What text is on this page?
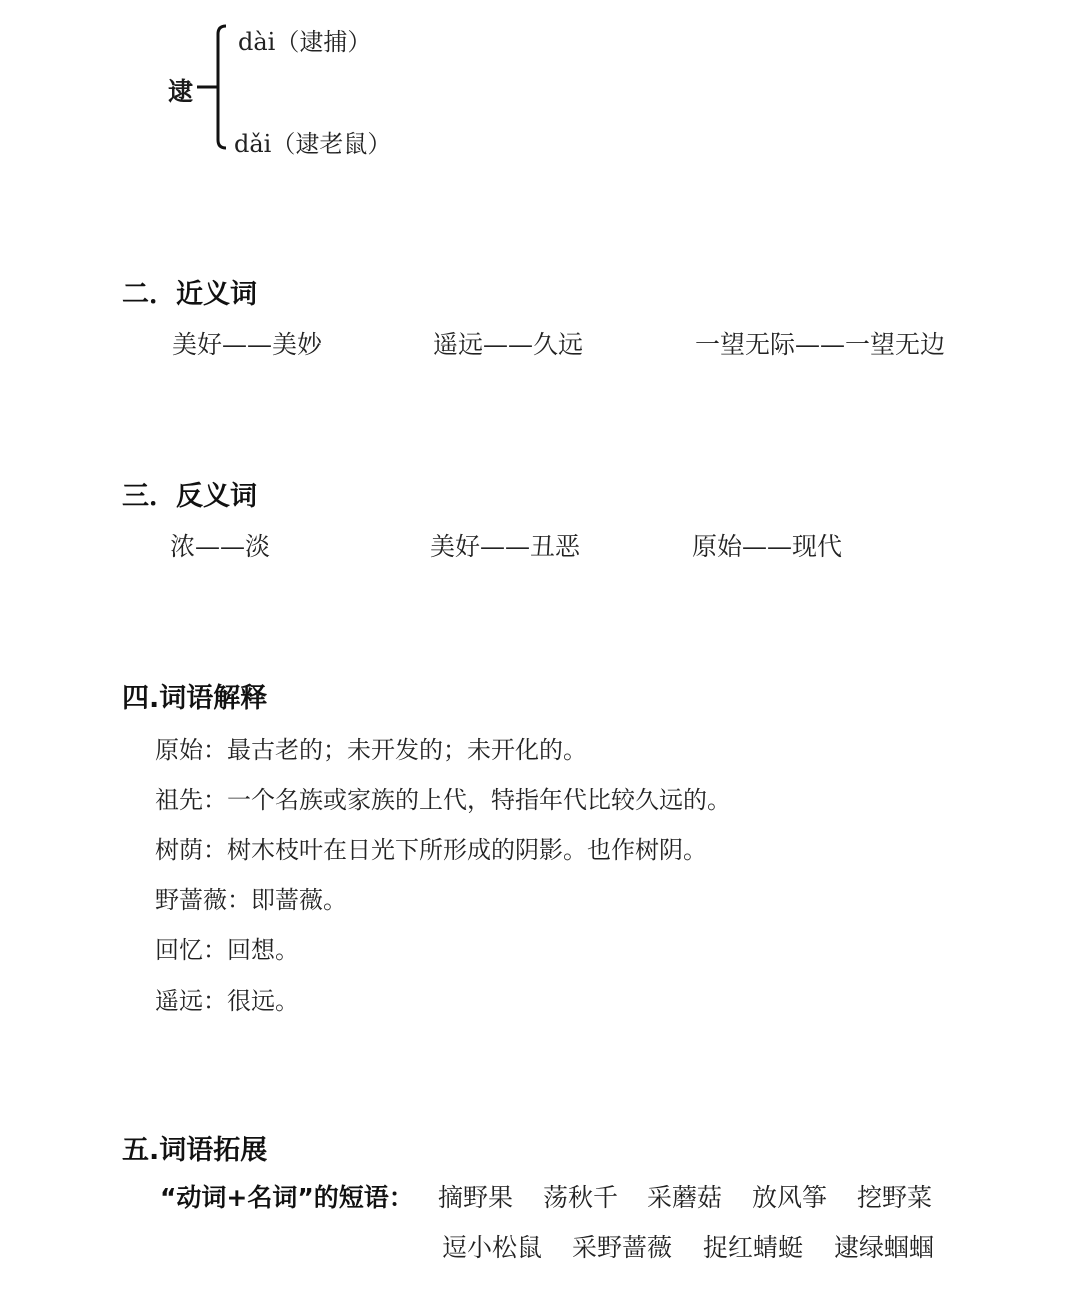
逮
dài（逮捕）
dǎi（逮老鼠）
二．近义词
美好——美妙	遥远——久远	一望无际——一望无边
三．反义词
浓——淡	美好——丑恶	原始——现代
四.词语解释
原始：最古老的；未开发的；未开化的。
祖先：一个名族或家族的上代，特指年代比较久远的。
树荫：树木枝叶在日光下所形成的阴影。也作树阴。
野蔷薇：即蔷薇。
回忆：回想。
遥远：很远。
五.词语拓展
“动词+名词”的短语： 摘野果 荡秋千 采蘑菇 放风筝 挖野菜
逗小松鼠 采野蔷薇 捉红蜻蜓 逮绿蝈蝈
